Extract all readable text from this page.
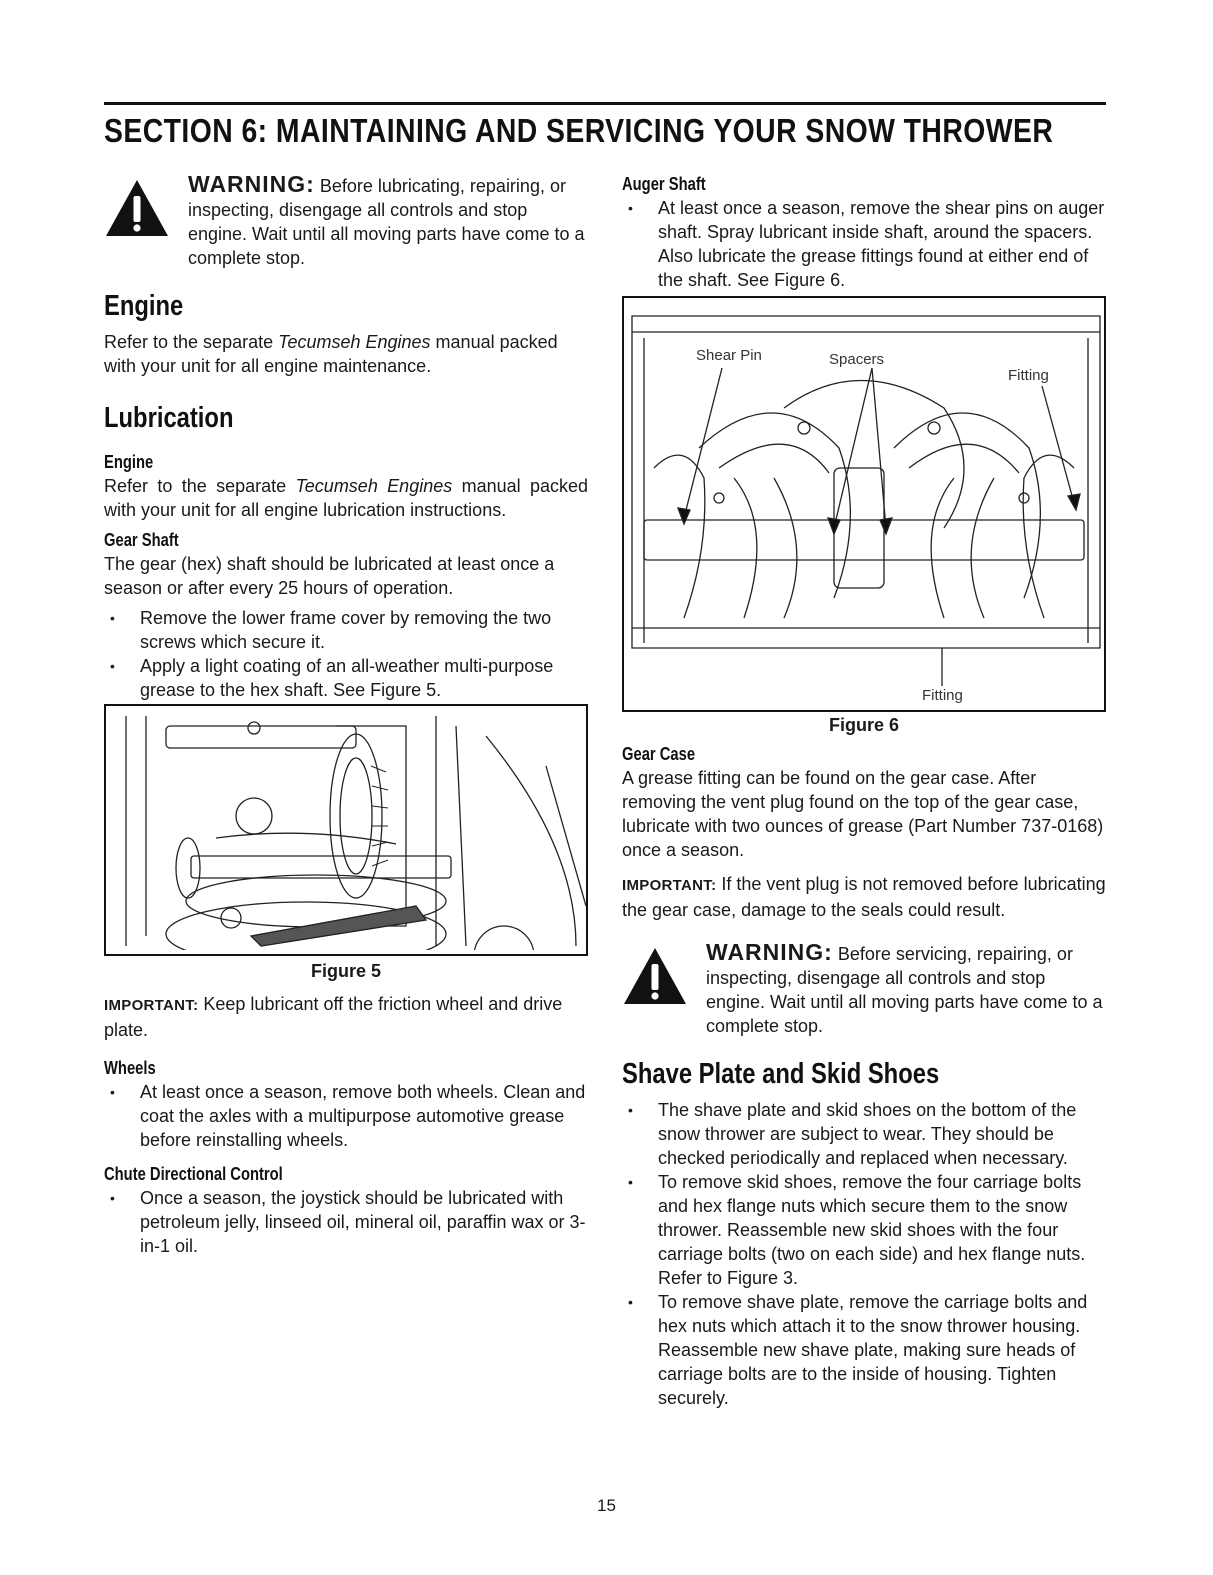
SECTION 6: MAINTAINING AND SERVICING YOUR SNOW THROWER

WARNING: Before lubricating, repairing, or inspecting, disengage all controls and stop engine. Wait until all moving parts have come to a complete stop.

Engine

Refer to the separate Tecumseh Engines manual packed with your unit for all engine maintenance.

Lubrication
Engine

Refer to the separate Tecumseh Engines manual packed with your unit for all engine lubrication instructions.

Gear Shaft

The gear (hex) shaft should be lubricated at least once a season or after every 25 hours of operation.

• Remove the lower frame cover by removing the two screws which secure it.
• Apply a light coating of an all-weather multi-purpose grease to the hex shaft. See Figure 5.
Figure 5

IMPORTANT: Keep lubricant off the friction wheel and drive plate.

Wheels
• At least once a season, remove both wheels. Clean and coat the axles with a multipurpose automotive grease before reinstalling wheels.
Chute Directional Control
• Once a season, the joystick should be lubricated with petroleum jelly, linseed oil, mineral oil, paraffin wax or 3-in-1 oil.
Auger Shaft
• At least once a season, remove the shear pins on auger shaft. Spray lubricant inside shaft, around the spacers. Also lubricate the grease fittings found at either end of the shaft. See Figure 6.
Shear Pin	Spacers
Fitting
Fitting
Figure 6
Gear Case

A grease fitting can be found on the gear case. After removing the vent plug found on the top of the gear case, lubricate with two ounces of grease (Part Number 737-0168) once a season.

IMPORTANT: If the vent plug is not removed before lubricating the gear case, damage to the seals could result.

WARNING: Before servicing, repairing, or inspecting, disengage all controls and stop engine. Wait until all moving parts have come to a complete stop.

Shave Plate and Skid Shoes
• The shave plate and skid shoes on the bottom of the snow thrower are subject to wear. They should be checked periodically and replaced when necessary.
• To remove skid shoes, remove the four carriage bolts and hex flange nuts which secure them to the snow thrower. Reassemble new skid shoes with the four carriage bolts (two on each side) and hex flange nuts. Refer to Figure 3.
• To remove shave plate, remove the carriage bolts and hex nuts which attach it to the snow thrower housing. Reassemble new shave plate, making sure heads of carriage bolts are to the inside of housing. Tighten securely.
15
